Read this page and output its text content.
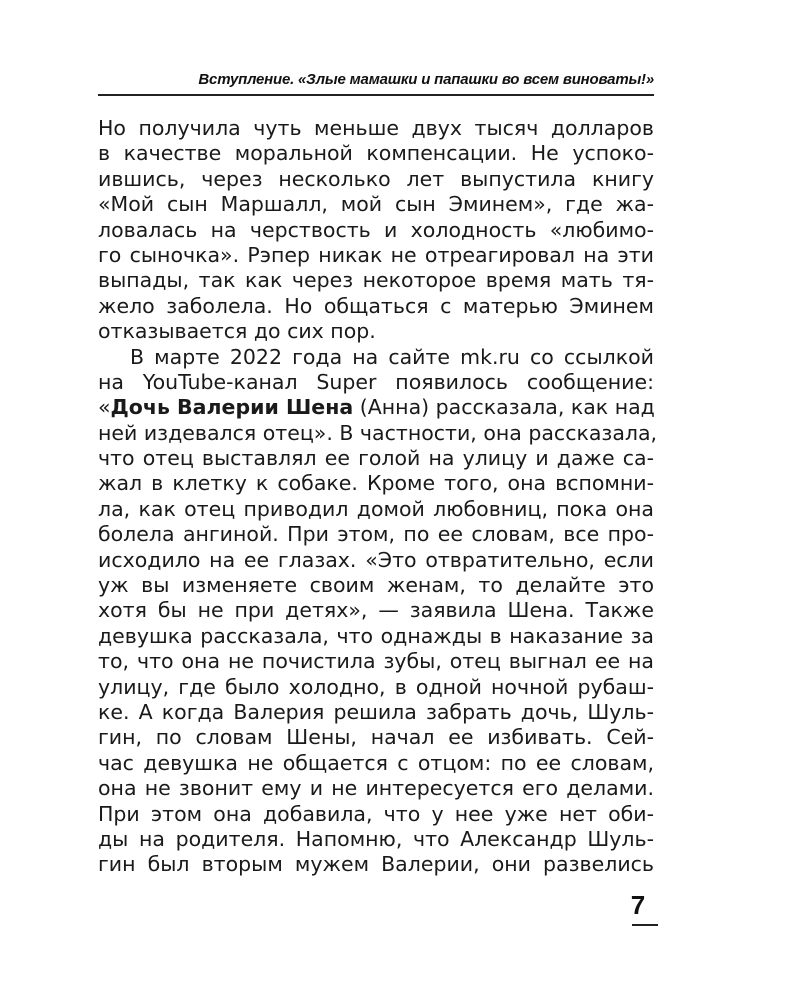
Вступление. «Злые мамашки и папашки во всем виноваты!»
Но получила чуть меньше двух тысяч долларов
в качестве моральной компенсации. Не успоко-
ившись, через несколько лет выпустила книгу
«Мой сын Маршалл, мой сын Эминем», где жа-
ловалась на черствость и холодность «любимо-
го сыночка». Рэпер никак не отреагировал на эти
выпады, так как через некоторое время мать тя-
жело заболела. Но общаться с матерью Эминем
отказывается до сих пор.
В марте 2022 года на сайте mk.ru со ссылкой
на YouTube-канал Super появилось сообщение:
«Дочь Валерии Шена (Анна) рассказала, как над
ней издевался отец». В частности, она рассказала,
что отец выставлял ее голой на улицу и даже са-
жал в клетку к собаке. Кроме того, она вспомни-
ла, как отец приводил домой любовниц, пока она
болела ангиной. При этом, по ее словам, все про-
исходило на ее глазах. «Это отвратительно, если
уж вы изменяете своим женам, то делайте это
хотя бы не при детях», — заявила Шена. Также
девушка рассказала, что однажды в наказание за
то, что она не почистила зубы, отец выгнал ее на
улицу, где было холодно, в одной ночной рубаш-
ке. А когда Валерия решила забрать дочь, Шуль-
гин, по словам Шены, начал ее избивать. Сей-
час девушка не общается с отцом: по ее словам,
она не звонит ему и не интересуется его делами.
При этом она добавила, что у нее уже нет оби-
ды на родителя. Напомню, что Александр Шуль-
гин был вторым мужем Валерии, они развелись
7
